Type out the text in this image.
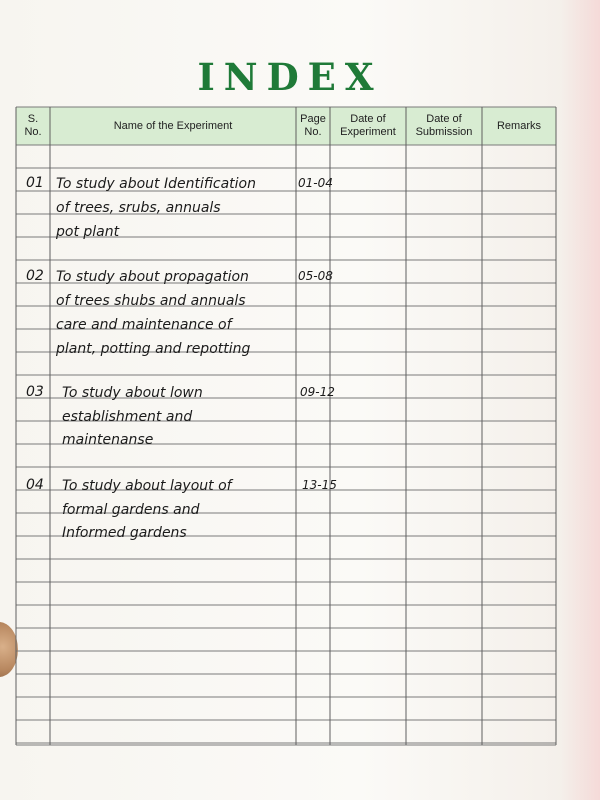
INDEX
S.
No.
Name of the Experiment
Page
No.
Date of
Experiment
Date of
Submission
Remarks
01 To study about Identification
of trees, srubs, annuals
pot plant
01-04
02 To study about propagation
of trees shubs and annuals
care and maintenance of
plant, potting and repotting
05-08
03 To study about lown
establishment and
maintenanse
09-12
04 To study about layout of
formal gardens and
Informed gardens
13-15
